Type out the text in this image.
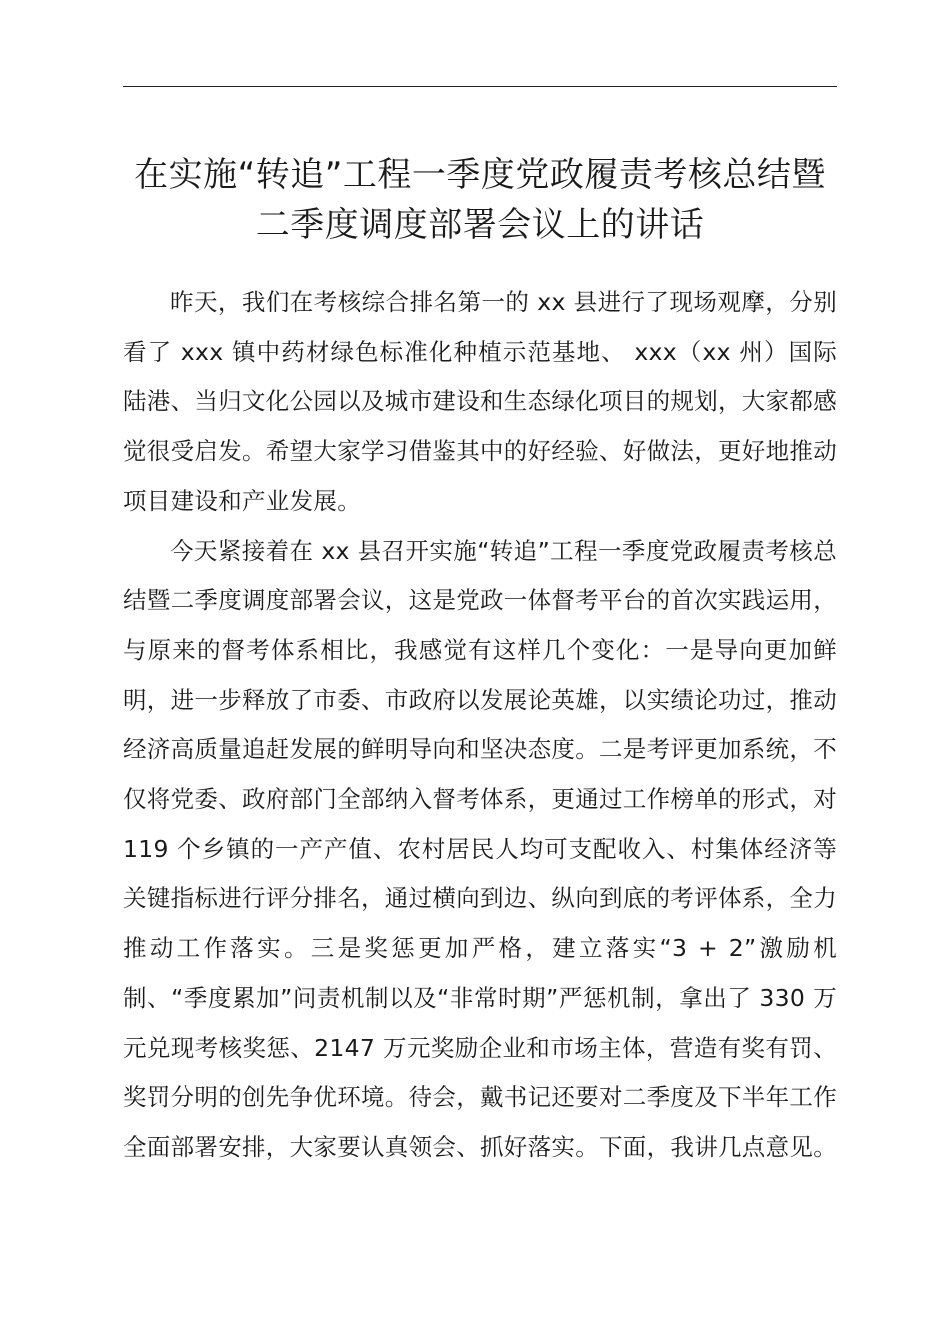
在实施“转追”工程一季度党政履责考核总结暨

二季度调度部署会议上的讲话

昨天，我们在考核综合排名第一的 xx 县进行了现场观摩，分别看了 xxx 镇中药材绿色标准化种植示范基地、 xxx（xx 州）国际陆港、当归文化公园以及城市建设和生态绿化项目的规划，大家都感觉很受启发。希望大家学习借鉴其中的好经验、好做法，更好地推动项目建设和产业发展。

今天紧接着在 xx 县召开实施“转追”工程一季度党政履责考核总结暨二季度调度部署会议，这是党政一体督考平台的首次实践运用，与原来的督考体系相比，我感觉有这样几个变化：一是导向更加鲜明，进一步释放了市委、市政府以发展论英雄，以实绩论功过，推动经济高质量追赶发展的鲜明导向和坚决态度。二是考评更加系统，不仅将党委、政府部门全部纳入督考体系，更通过工作榜单的形式，对 119 个乡镇的一产产值、农村居民人均可支配收入、村集体经济等关键指标进行评分排名，通过横向到边、纵向到底的考评体系，全力推动工作落实。三是奖惩更加严格，建立落实“3 + 2”激励机制、“季度累加”问责机制以及“非常时期”严惩机制，拿出了 330 万元兑现考核奖惩、2147 万元奖励企业和市场主体，营造有奖有罚、奖罚分明的创先争优环境。待会，戴书记还要对二季度及下半年工作全面部署安排，大家要认真领会、抓好落实。下面，我讲几点意见。
